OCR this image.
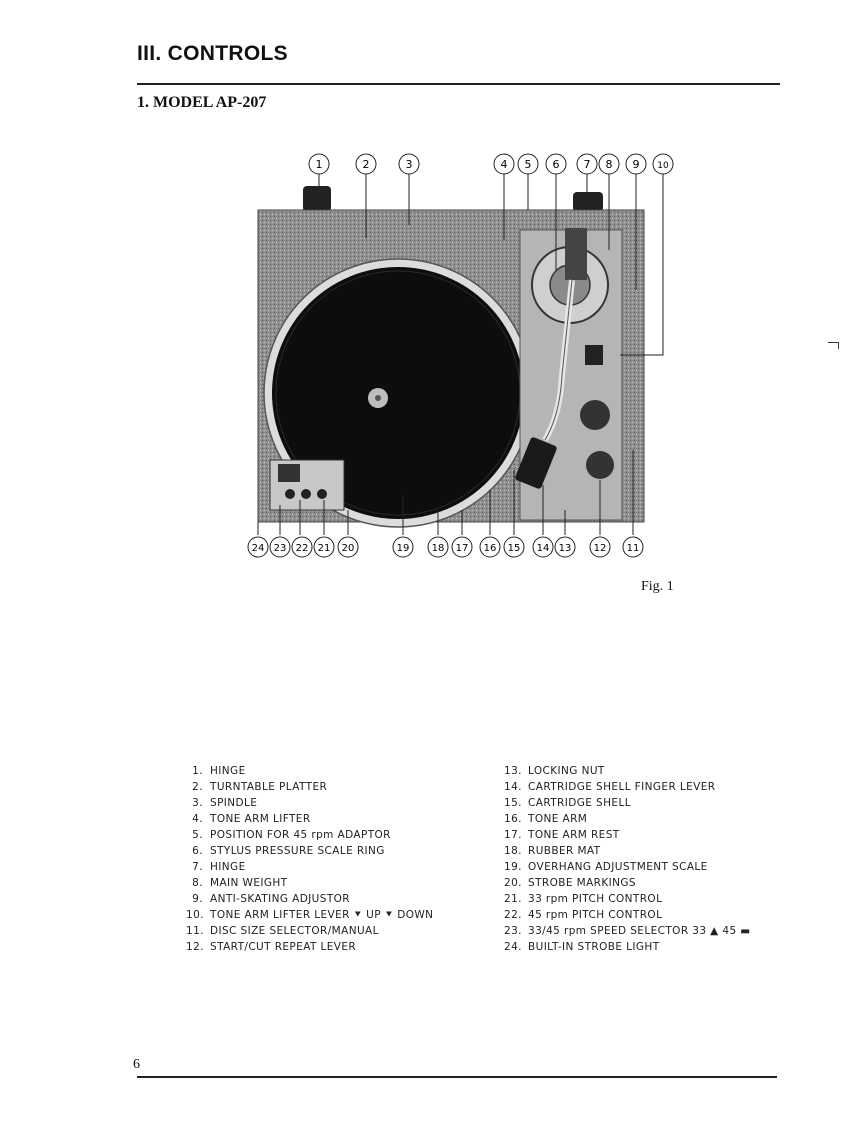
III. CONTROLS
1. MODEL AP-207
1	2	3	4 5 6 7 8 9 10
24 23 22 21 20	19 18 17 16 15 14 13 12 11
Fig. 1
1. HINGE
2. TURNTABLE PLATTER
3. SPINDLE
4. TONE ARM LIFTER
5. POSITION FOR 45 rpm ADAPTOR
6. STYLUS PRESSURE SCALE RING
7. HINGE
8. MAIN WEIGHT
9. ANTI-SKATING ADJUSTOR
10. TONE ARM LIFTER LEVER ⯆ UP ⯆ DOWN
11. DISC SIZE SELECTOR/MANUAL
12. START/CUT REPEAT LEVER
13. LOCKING NUT
14. CARTRIDGE SHELL FINGER LEVER
15. CARTRIDGE SHELL
16. TONE ARM
17. TONE ARM REST
18. RUBBER MAT
19. OVERHANG ADJUSTMENT SCALE
20. STROBE MARKINGS
21. 33 rpm PITCH CONTROL
22. 45 rpm PITCH CONTROL
23. 33/45 rpm SPEED SELECTOR 33 ▲ 45 ▬
24. BUILT-IN STROBE LIGHT
6
